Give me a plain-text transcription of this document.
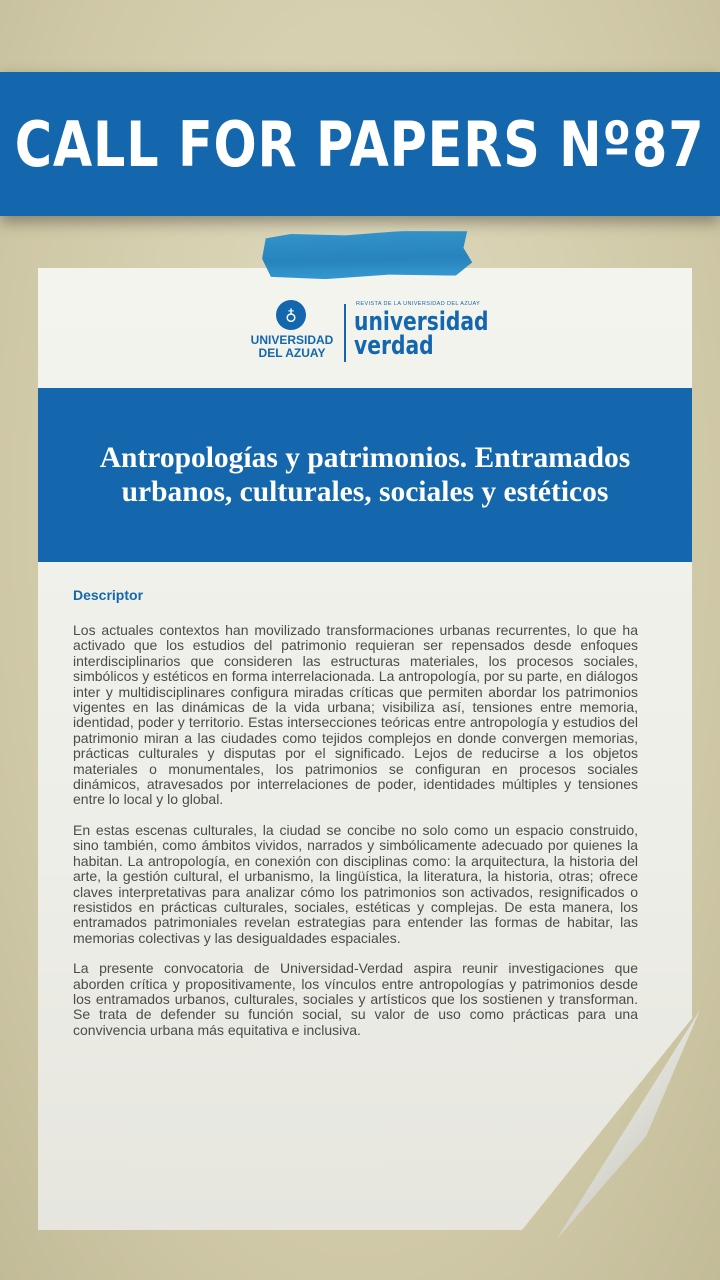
CALL FOR PAPERS Nº87
♁
UNIVERSIDAD
DEL AZUAY
REVISTA DE LA UNIVERSIDAD DEL AZUAY
universidad
verdad
Antropologías y patrimonios. Entramados urbanos, culturales, sociales y estéticos
Descriptor

Los actuales contextos han movilizado transformaciones urbanas recurrentes, lo que ha activado que los estudios del patrimonio requieran ser repensados desde enfoques interdisciplinarios que consideren las estructuras materiales, los procesos sociales, simbólicos y estéticos en forma interrelacionada. La antropología, por su parte, en diálogos inter y multidisciplinares configura miradas críticas que permiten abordar los patrimonios vigentes en las dinámicas de la vida urbana; visibiliza así, tensiones entre memoria, identidad, poder y territorio. Estas intersecciones teóricas entre antropología y estudios del patrimonio miran a las ciudades como tejidos complejos en donde convergen memorias, prácticas culturales y disputas por el significado. Lejos de reducirse a los objetos materiales o monumentales, los patrimonios se configuran en procesos sociales dinámicos, atravesados por interrelaciones de poder, identidades múltiples y tensiones entre lo local y lo global.

En estas escenas culturales, la ciudad se concibe no solo como un espacio construido, sino también, como ámbitos vividos, narrados y simbólicamente adecuado por quienes la habitan. La antropología, en conexión con disciplinas como: la arquitectura, la historia del arte, la gestión cultural, el urbanismo, la lingüística, la literatura, la historia, otras; ofrece claves interpretativas para analizar cómo los patrimonios son activados, resignificados o resistidos en prácticas culturales, sociales, estéticas y complejas. De esta manera, los entramados patrimoniales revelan estrategias para entender las formas de habitar, las memorias colectivas y las desigualdades espaciales.

La presente convocatoria de Universidad-Verdad aspira reunir investigaciones que aborden crítica y propositivamente, los vínculos entre antropologías y patrimonios desde los entramados urbanos, culturales, sociales y artísticos que los sostienen y transforman. Se trata de defender su función social, su valor de uso como prácticas para una convivencia urbana más equitativa e inclusiva.
